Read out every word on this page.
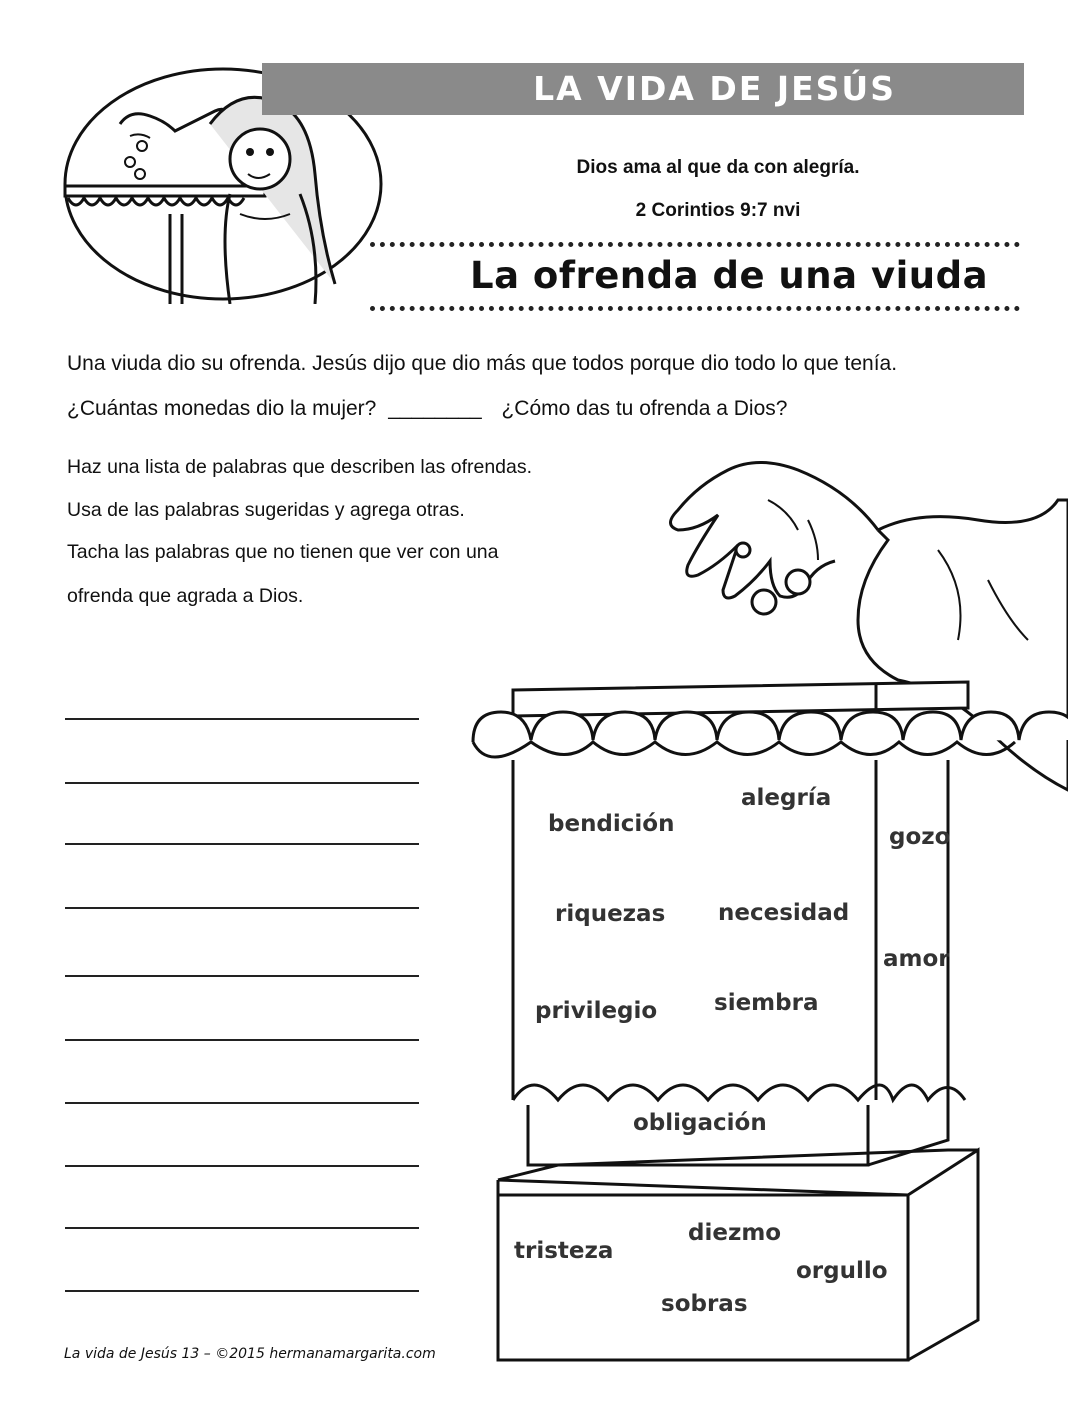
LA VIDA DE JESÚS
Dios ama al que da con alegría.
2 Corintios 9:7 nvi
La ofrenda de una viuda
Una viuda dio su ofrenda. Jesús dijo que dio más que todos porque dio todo lo que tenía.
¿Cuántas monedas dio la mujer? ________ ¿Cómo das tu ofrenda a Dios?
Haz una lista de palabras que describen las ofrendas.
Usa de las palabras sugeridas y agrega otras.
Tacha las palabras que no tienen que ver con una
ofrenda que agrada a Dios.
bendición
alegría
gozo
riquezas necesidad
amor
privilegio siembra
obligación
tristeza
diezmo
orgullo
sobras
La vida de Jesús 13 – ©2015 hermanamargarita.com
